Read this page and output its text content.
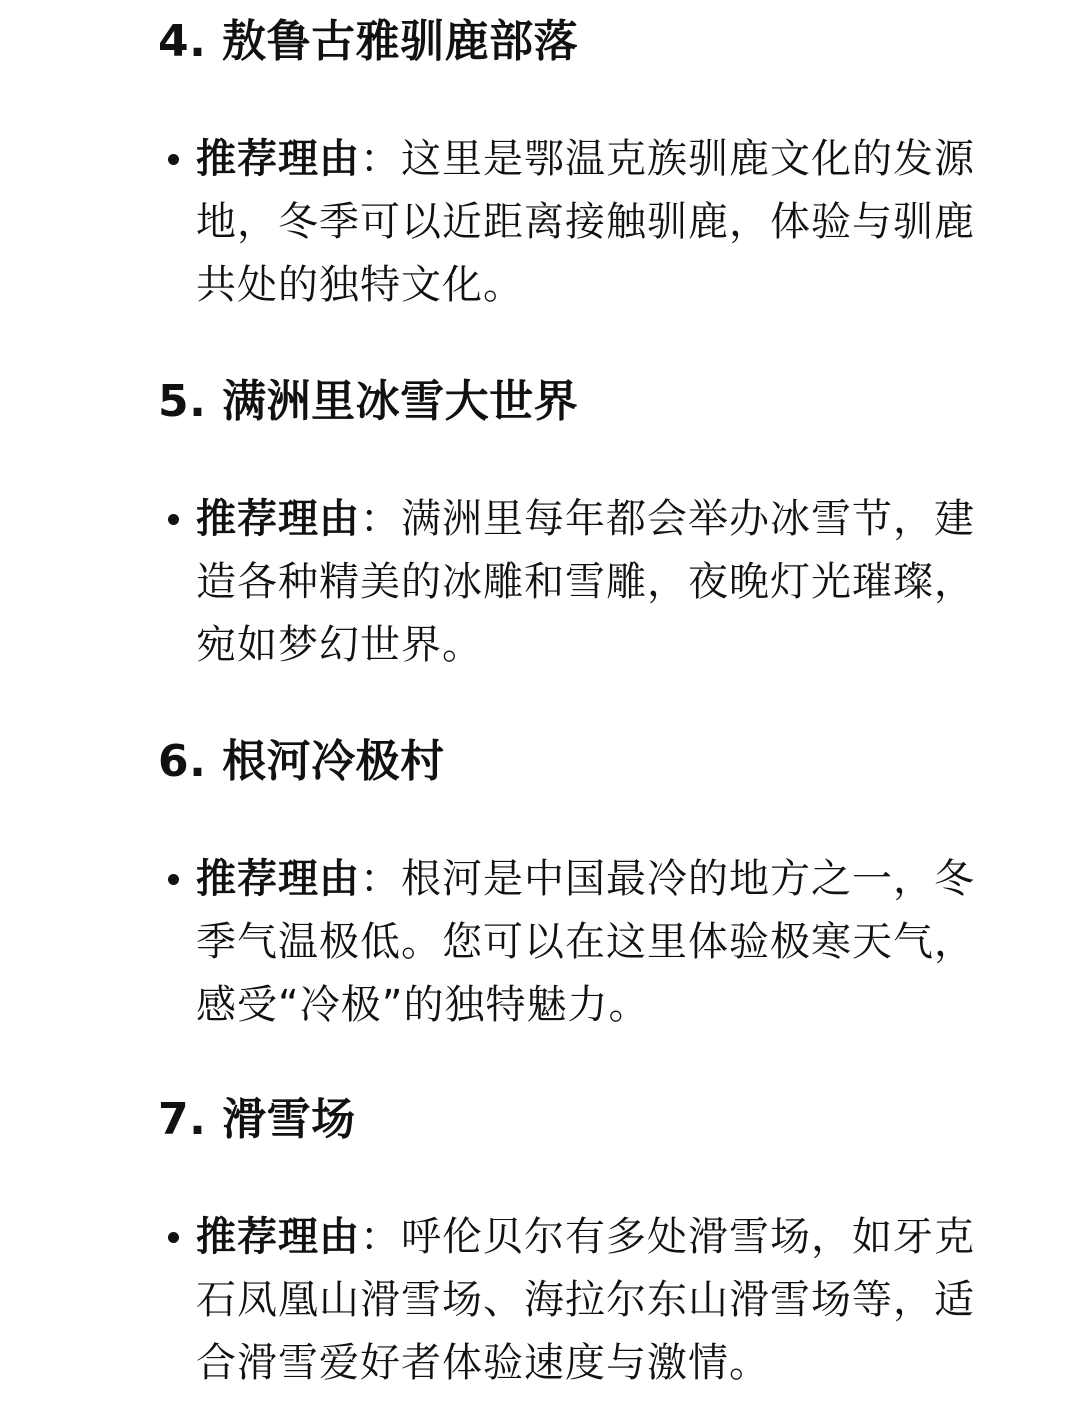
4. 敖鲁古雅驯鹿部落
推荐理由：这里是鄂温克族驯鹿文化的发源地，冬季可以近距离接触驯鹿，体验与驯鹿共处的独特文化。
5. 满洲里冰雪大世界
推荐理由：满洲里每年都会举办冰雪节，建造各种精美的冰雕和雪雕，夜晚灯光璀璨，宛如梦幻世界。
6. 根河冷极村
推荐理由：根河是中国最冷的地方之一，冬季气温极低。您可以在这里体验极寒天气，感受“冷极”的独特魅力。
7. 滑雪场
推荐理由：呼伦贝尔有多处滑雪场，如牙克石凤凰山滑雪场、海拉尔东山滑雪场等，适合滑雪爱好者体验速度与激情。
